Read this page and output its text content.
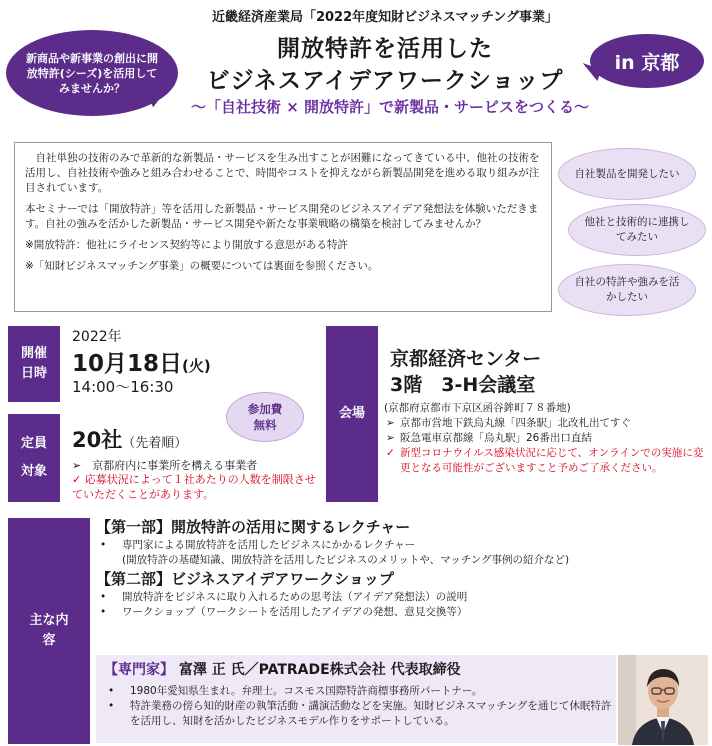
新商品や新事業の創出に開放特許(シーズ)を活用してみませんか？
in 京都
近畿経済産業局「2022年度知財ビジネスマッチング事業」
開放特許を活用した
ビジネスアイデアワークショップ
〜「自社技術 × 開放特許」で新製品・サービスをつくる〜

自社単独の技術のみで革新的な新製品・サービスを生み出すことが困難になってきている中、他社の技術を活用し、自社技術や強みと組み合わせることで、時間やコストを抑えながら新製品開発を進める取り組みが注目されています。

本セミナーでは「開放特許」等を活用した新製品・サービス開発のビジネスアイデア発想法を体験いただきます。自社の強みを活かした新製品・サービス開発や新たな事業戦略の構築を検討してみませんか？

※開放特許：他社にライセンス契約等により開放する意思がある特許

※「知財ビジネスマッチング事業」の概要については裏面を参照ください。

自社製品を開発したい
他社と技術的に連携してみたい
自社の特許や強みを活かしたい
開催日時
2022年
10月18日(火)
14:00〜16:30
参加費無料
定員
対象
20社（先着順）
➢　京都府内に事業所を構える事業者
✓ 応募状況によって１社あたりの人数を制限させていただくことがあります。
会場
京都経済センター
3階　3-H会議室
(京都府京都市下京区函谷鉾町７８番地)
➢ 京都市営地下鉄烏丸線「四条駅」北改札出てすぐ
➢ 阪急電車京都線「烏丸駅」26番出口直結
✓ 新型コロナウイルス感染状況に応じて、オンラインでの実施に変更となる可能性がございますこと予めご了承ください。
主な内容
【第一部】開放特許の活用に関するレクチャー
• 専門家による開放特許を活用したビジネスにかかるレクチャー
(開放特許の基礎知識、開放特許を活用したビジネスのメリットや、マッチング事例の紹介など)
【第二部】ビジネスアイデアワークショップ
• 開放特許をビジネスに取り入れるための思考法（アイデア発想法）の説明
• ワークショップ（ワークシートを活用したアイデアの発想、意見交換等）
【専門家】 富澤 正 氏／PATRADE株式会社 代表取締役
• 1980年愛知県生まれ。弁理士。コスモス国際特許商標事務所パートナー。
• 特許業務の傍ら知的財産の執筆活動・講演活動などを実施。知財ビジネスマッチングを通じて休眠特許を活用し、知財を活かしたビジネスモデル作りをサポートしている。
